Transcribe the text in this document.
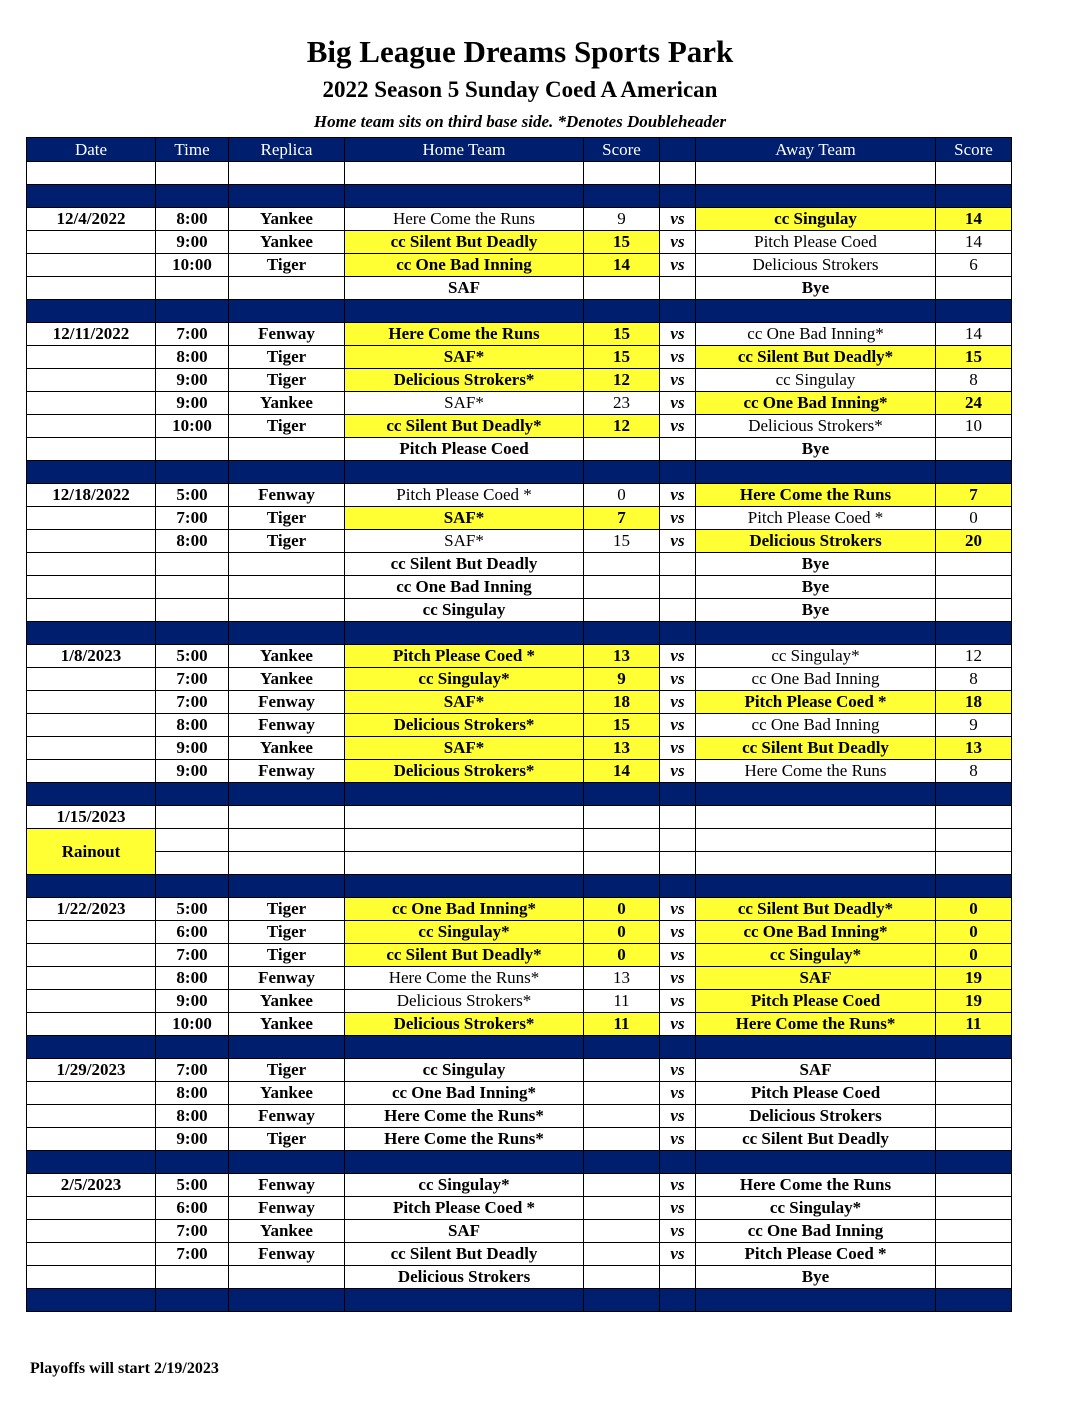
Big League Dreams Sports Park
2022 Season 5 Sunday Coed A American
Home team sits on third base side. *Denotes Doubleheader
Date	Time	Replica	Home Team	Score		Away Team	Score

12/4/2022	8:00	Yankee	Here Come the Runs	9	vs	cc Singulay	14
	9:00	Yankee	cc Silent But Deadly	15	vs	Pitch Please Coed	14
	10:00	Tiger	cc One Bad Inning	14	vs	Delicious Strokers	6
			SAF			Bye	

12/11/2022	7:00	Fenway	Here Come the Runs	15	vs	cc One Bad Inning*	14
	8:00	Tiger	SAF*	15	vs	cc Silent But Deadly*	15
	9:00	Tiger	Delicious Strokers*	12	vs	cc Singulay	8
	9:00	Yankee	SAF*	23	vs	cc One Bad Inning*	24
	10:00	Tiger	cc Silent But Deadly*	12	vs	Delicious Strokers*	10
			Pitch Please Coed			Bye	

12/18/2022	5:00	Fenway	Pitch Please Coed *	0	vs	Here Come the Runs	7
	7:00	Tiger	SAF*	7	vs	Pitch Please Coed *	0
	8:00	Tiger	SAF*	15	vs	Delicious Strokers	20
			cc Silent But Deadly			Bye	
			cc One Bad Inning			Bye	
			cc Singulay			Bye	

1/8/2023	5:00	Yankee	Pitch Please Coed *	13	vs	cc Singulay*	12
	7:00	Yankee	cc Singulay*	9	vs	cc One Bad Inning	8
	7:00	Fenway	SAF*	18	vs	Pitch Please Coed *	18
	8:00	Fenway	Delicious Strokers*	15	vs	cc One Bad Inning	9
	9:00	Yankee	SAF*	13	vs	cc Silent But Deadly	13
	9:00	Fenway	Delicious Strokers*	14	vs	Here Come the Runs	8

1/15/2023							
Rainout							

1/22/2023	5:00	Tiger	cc One Bad Inning*	0	vs	cc Silent But Deadly*	0
	6:00	Tiger	cc Singulay*	0	vs	cc One Bad Inning*	0
	7:00	Tiger	cc Silent But Deadly*	0	vs	cc Singulay*	0
	8:00	Fenway	Here Come the Runs*	13	vs	SAF	19
	9:00	Yankee	Delicious Strokers*	11	vs	Pitch Please Coed	19
	10:00	Yankee	Delicious Strokers*	11	vs	Here Come the Runs*	11

1/29/2023	7:00	Tiger	cc Singulay		vs	SAF	
	8:00	Yankee	cc One Bad Inning*		vs	Pitch Please Coed	
	8:00	Fenway	Here Come the Runs*		vs	Delicious Strokers	
	9:00	Tiger	Here Come the Runs*		vs	cc Silent But Deadly	

2/5/2023	5:00	Fenway	cc Singulay*		vs	Here Come the Runs	
	6:00	Fenway	Pitch Please Coed *		vs	cc Singulay*	
	7:00	Yankee	SAF		vs	cc One Bad Inning	
	7:00	Fenway	cc Silent But Deadly		vs	Pitch Please Coed *	
			Delicious Strokers			Bye	

Playoffs will start 2/19/2023
